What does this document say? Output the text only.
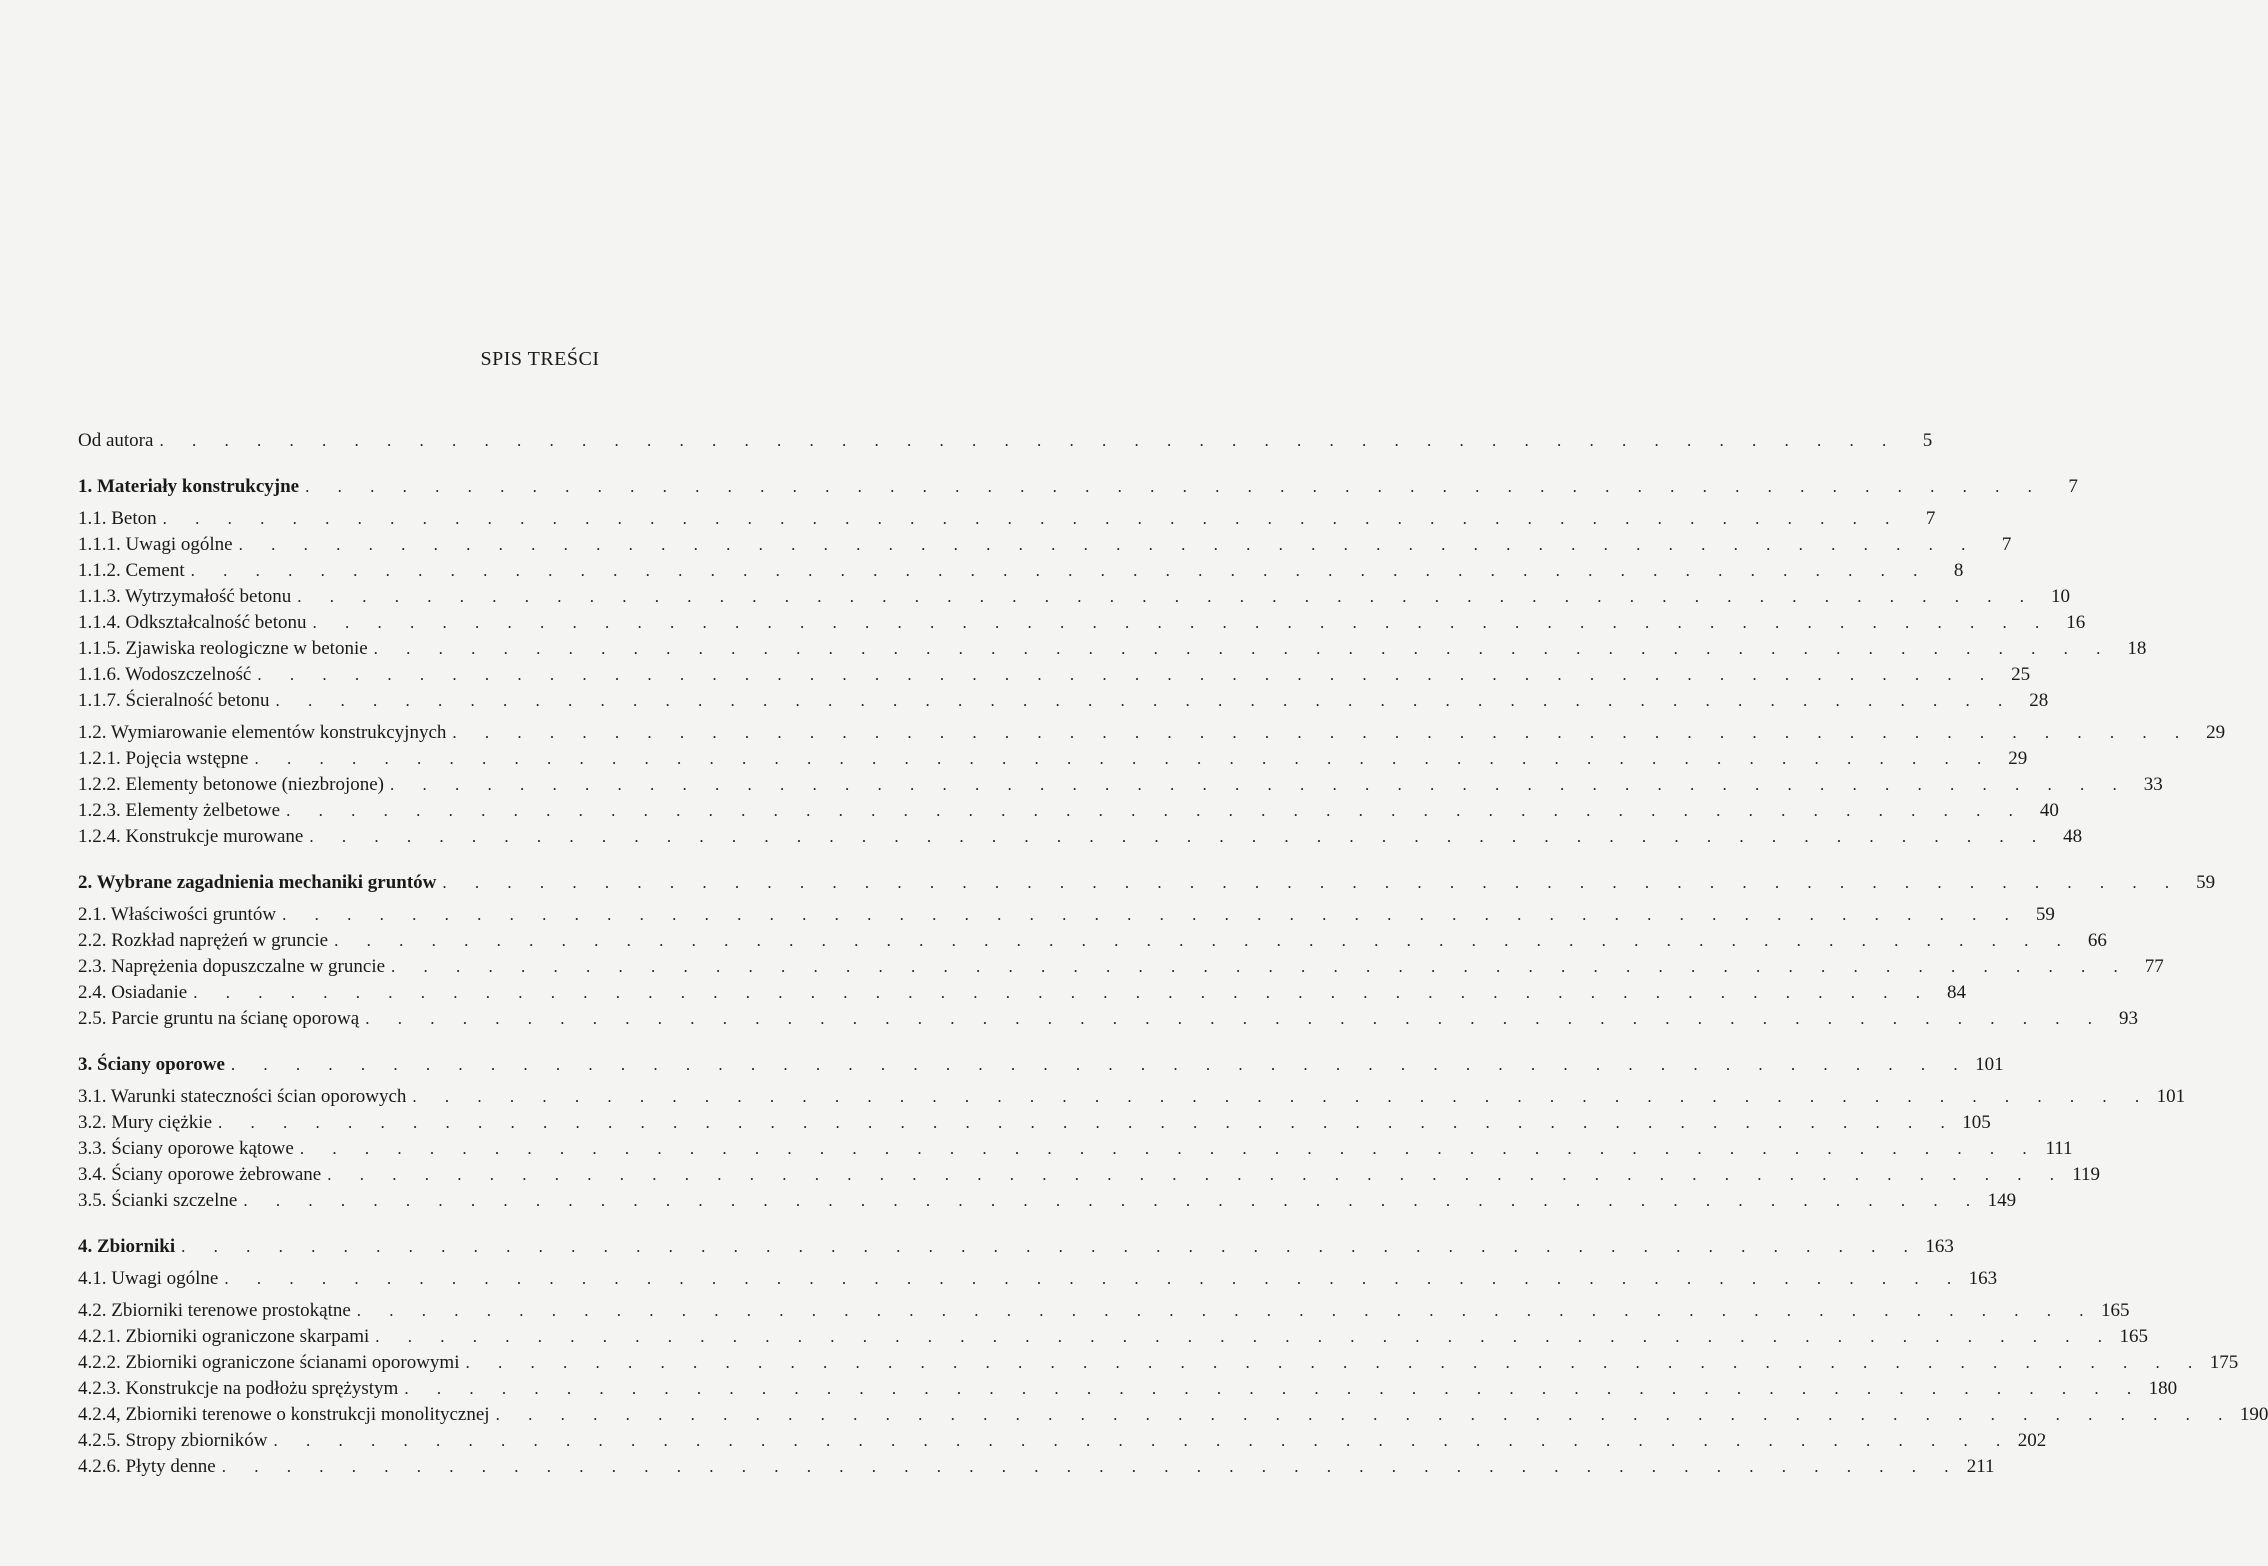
SPIS TREŚCI
Od autora . . . . . . . . . . . . . . . . . . . . . . . . . . . . . . . . . . . . . . . . . . . . . . . . . . . . . .	5
1. Materiały konstrukcyjne . . . . . . . . . . . . . . . . . . . . . . . . . . . . . . . . . . . . . . . . . . . . . . . . . . . . . .	7
1.1. Beton . . . . . . . . . . . . . . . . . . . . . . . . . . . . . . . . . . . . . . . . . . . . . . . . . . . . . .	7
1.1.1. Uwagi ogólne . . . . . . . . . . . . . . . . . . . . . . . . . . . . . . . . . . . . . . . . . . . . . . . . . . . . . .	7
1.1.2. Cement . . . . . . . . . . . . . . . . . . . . . . . . . . . . . . . . . . . . . . . . . . . . . . . . . . . . . .	8
1.1.3. Wytrzymałość betonu . . . . . . . . . . . . . . . . . . . . . . . . . . . . . . . . . . . . . . . . . . . . . . . . . . . . . . 10
1.1.4. Odkształcalność betonu . . . . . . . . . . . . . . . . . . . . . . . . . . . . . . . . . . . . . . . . . . . . . . . . . . . . . . 16
1.1.5. Zjawiska reologiczne w betonie . . . . . . . . . . . . . . . . . . . . . . . . . . . . . . . . . . . . . . . . . . . . . . . . . . . . . . 18
1.1.6. Wodoszczelność . . . . . . . . . . . . . . . . . . . . . . . . . . . . . . . . . . . . . . . . . . . . . . . . . . . . . . 25
1.1.7. Ścieralność betonu . . . . . . . . . . . . . . . . . . . . . . . . . . . . . . . . . . . . . . . . . . . . . . . . . . . . . . 28
1.2. Wymiarowanie elementów konstrukcyjnych . . . . . . . . . . . . . . . . . . . . . . . . . . . . . . . . . . . . . . . . . . . . . . . . . . . . . . 29
1.2.1. Pojęcia wstępne . . . . . . . . . . . . . . . . . . . . . . . . . . . . . . . . . . . . . . . . . . . . . . . . . . . . . . 29
1.2.2. Elementy betonowe (niezbrojone) . . . . . . . . . . . . . . . . . . . . . . . . . . . . . . . . . . . . . . . . . . . . . . . . . . . . . . 33
1.2.3. Elementy żelbetowe . . . . . . . . . . . . . . . . . . . . . . . . . . . . . . . . . . . . . . . . . . . . . . . . . . . . . . 40
1.2.4. Konstrukcje murowane . . . . . . . . . . . . . . . . . . . . . . . . . . . . . . . . . . . . . . . . . . . . . . . . . . . . . . 48
2. Wybrane zagadnienia mechaniki gruntów . . . . . . . . . . . . . . . . . . . . . . . . . . . . . . . . . . . . . . . . . . . . . . . . . . . . . . 59
2.1. Właściwości gruntów . . . . . . . . . . . . . . . . . . . . . . . . . . . . . . . . . . . . . . . . . . . . . . . . . . . . . . 59
2.2. Rozkład naprężeń w gruncie . . . . . . . . . . . . . . . . . . . . . . . . . . . . . . . . . . . . . . . . . . . . . . . . . . . . . . 66
2.3. Naprężenia dopuszczalne w gruncie . . . . . . . . . . . . . . . . . . . . . . . . . . . . . . . . . . . . . . . . . . . . . . . . . . . . . . 77
2.4. Osiadanie . . . . . . . . . . . . . . . . . . . . . . . . . . . . . . . . . . . . . . . . . . . . . . . . . . . . . . 84
2.5. Parcie gruntu na ścianę oporową . . . . . . . . . . . . . . . . . . . . . . . . . . . . . . . . . . . . . . . . . . . . . . . . . . . . . . 93
3. Ściany oporowe . . . . . . . . . . . . . . . . . . . . . . . . . . . . . . . . . . . . . . . . . . . . . . . . . . . . . . 101
3.1. Warunki stateczności ścian oporowych . . . . . . . . . . . . . . . . . . . . . . . . . . . . . . . . . . . . . . . . . . . . . . . . . . . . . . 101
3.2. Mury ciężkie . . . . . . . . . . . . . . . . . . . . . . . . . . . . . . . . . . . . . . . . . . . . . . . . . . . . . . 105
3.3. Ściany oporowe kątowe . . . . . . . . . . . . . . . . . . . . . . . . . . . . . . . . . . . . . . . . . . . . . . . . . . . . . . 111
3.4. Ściany oporowe żebrowane . . . . . . . . . . . . . . . . . . . . . . . . . . . . . . . . . . . . . . . . . . . . . . . . . . . . . . 119
3.5. Ścianki szczelne . . . . . . . . . . . . . . . . . . . . . . . . . . . . . . . . . . . . . . . . . . . . . . . . . . . . . . 149
4. Zbiorniki . . . . . . . . . . . . . . . . . . . . . . . . . . . . . . . . . . . . . . . . . . . . . . . . . . . . . . 163
4.1. Uwagi ogólne . . . . . . . . . . . . . . . . . . . . . . . . . . . . . . . . . . . . . . . . . . . . . . . . . . . . . . 163
4.2. Zbiorniki terenowe prostokątne . . . . . . . . . . . . . . . . . . . . . . . . . . . . . . . . . . . . . . . . . . . . . . . . . . . . . . 165
4.2.1. Zbiorniki ograniczone skarpami . . . . . . . . . . . . . . . . . . . . . . . . . . . . . . . . . . . . . . . . . . . . . . . . . . . . . . 165
4.2.2. Zbiorniki ograniczone ścianami oporowymi . . . . . . . . . . . . . . . . . . . . . . . . . . . . . . . . . . . . . . . . . . . . . . . . . . . . . . 175
4.2.3. Konstrukcje na podłożu sprężystym . . . . . . . . . . . . . . . . . . . . . . . . . . . . . . . . . . . . . . . . . . . . . . . . . . . . . . 180
4.2.4, Zbiorniki terenowe o konstrukcji monolitycznej . . . . . . . . . . . . . . . . . . . . . . . . . . . . . . . . . . . . . . . . . . . . . . . . . . . . . . 190
4.2.5. Stropy zbiorników . . . . . . . . . . . . . . . . . . . . . . . . . . . . . . . . . . . . . . . . . . . . . . . . . . . . . . 202
4.2.6. Płyty denne . . . . . . . . . . . . . . . . . . . . . . . . . . . . . . . . . . . . . . . . . . . . . . . . . . . . . . 211
